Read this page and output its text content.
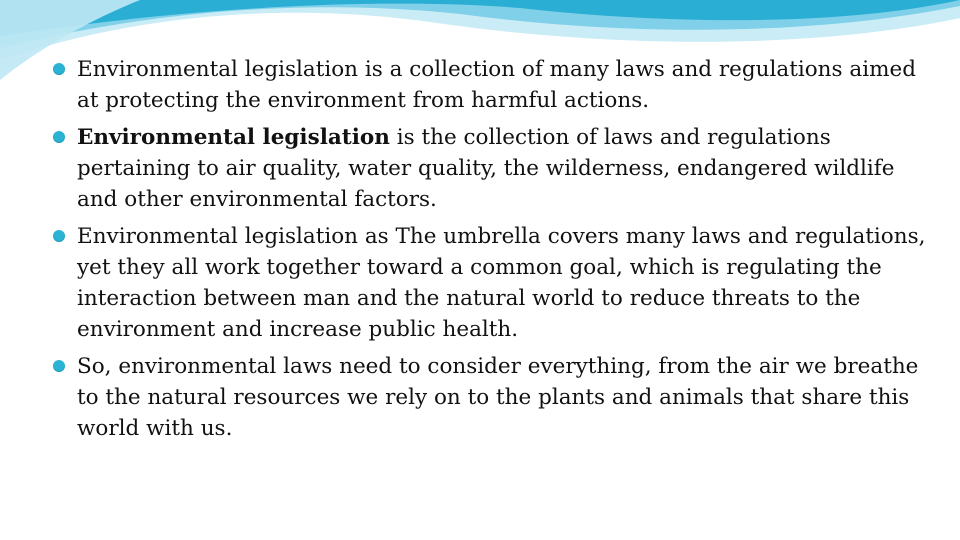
Environmental legislation is a collection of many laws and regulations aimed at protecting the environment from harmful actions.
Environmental legislation is the collection of laws and regulations pertaining to air quality, water quality, the wilderness, endangered wildlife and other environmental factors.
Environmental legislation as The umbrella covers many laws and regulations, yet they all work together toward a common goal, which is regulating the interaction between man and the natural world to reduce threats to the environment and increase public health.
So, environmental laws need to consider everything, from the air we breathe to the natural resources we rely on to the plants and animals that share this world with us.
